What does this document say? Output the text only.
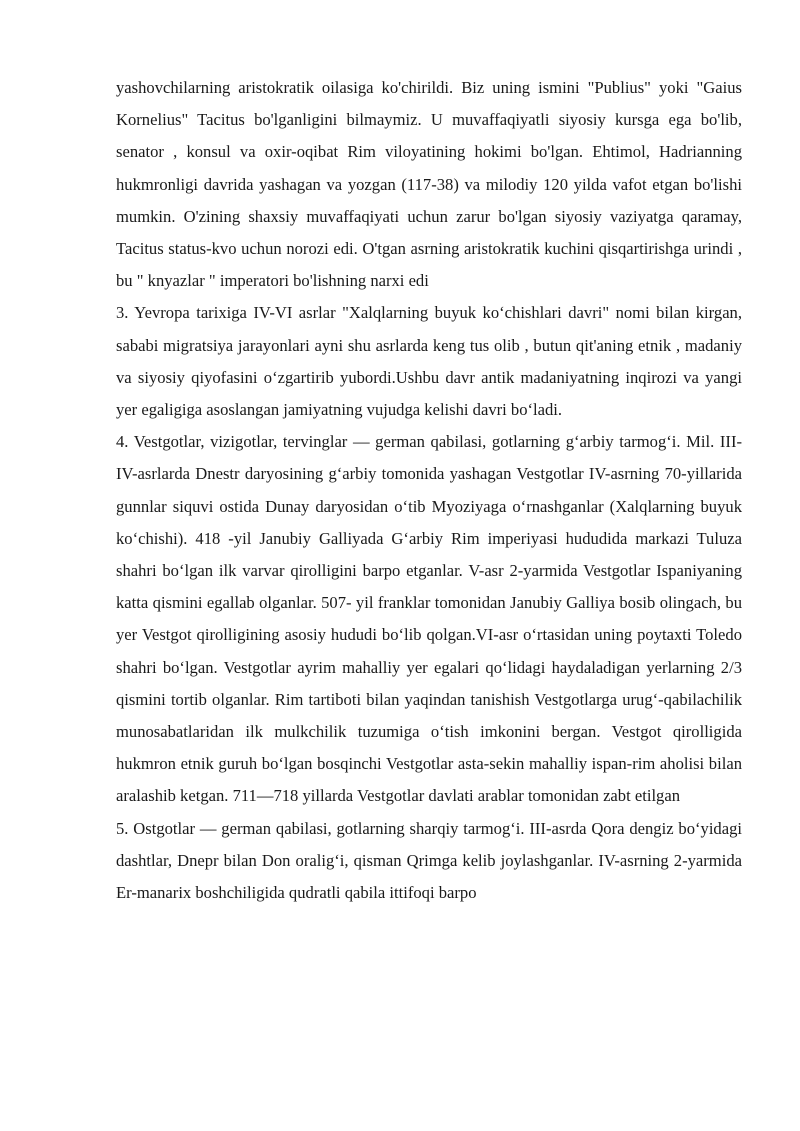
yashovchilarning aristokratik oilasiga ko'chirildi. Biz uning ismini "Publius" yoki "Gaius Kornelius" Tacitus bo'lganligini bilmaymiz. U muvaffaqiyatli siyosiy kursga ega bo'lib, senator , konsul va oxir-oqibat Rim viloyatining hokimi bo'lgan. Ehtimol, Hadrianning hukmronligi davrida yashagan va yozgan (117-38) va milodiy 120 yilda vafot etgan bo'lishi mumkin. O'zining shaxsiy muvaffaqiyati uchun zarur bo'lgan siyosiy vaziyatga qaramay, Tacitus status-kvo uchun norozi edi. O'tgan asrning aristokratik kuchini qisqartirishga urindi , bu " knyazlar " imperatori bo'lishning narxi edi

3. Yevropa tarixiga IV-VI asrlar "Xalqlarning buyuk koʻchishlari davri" nomi bilan kirgan, sababi migratsiya jarayonlari ayni shu asrlarda keng tus olib , butun qit'aning etnik , madaniy va siyosiy qiyofasini oʻzgartirib yubordi.Ushbu davr antik madaniyatning inqirozi va yangi yer egaligiga asoslangan jamiyatning vujudga kelishi davri boʻladi.

4. Vestgotlar, vizigotlar, tervinglar — german qabilasi, gotlarning gʻarbiy tarmogʻi. Mil. III-IV-asrlarda Dnestr daryosining gʻarbiy tomonida yashagan Vestgotlar IV-asrning 70-yillarida gunnlar siquvi ostida Dunay daryosidan oʻtib Myoziyaga oʻrnashganlar (Xalqlarning buyuk koʻchishi). 418 -yil Janubiy Galliyada Gʻarbiy Rim imperiyasi hududida markazi Tuluza shahri boʻlgan ilk varvar qirolligini barpo etganlar. V-asr 2-yarmida Vestgotlar Ispaniyaning katta qismini egallab olganlar. 507- yil franklar tomonidan Janubiy Galliya bosib olingach, bu yer Vestgot qirolligining asosiy hududi boʻlib qolgan.VI-asr oʻrtasidan uning poytaxti Toledo shahri boʻlgan. Vestgotlar ayrim mahalliy yer egalari qoʻlidagi haydaladigan yerlarning 2/3 qismini tortib olganlar. Rim tartiboti bilan yaqindan tanishish Vestgotlarga urugʻ-qabilachilik munosabatlaridan ilk mulkchilik tuzumiga oʻtish imkonini bergan. Vestgot qirolligida hukmron etnik guruh boʻlgan bosqinchi Vestgotlar asta-sekin mahalliy ispan-rim aholisi bilan aralashib ketgan. 711—718 yillarda Vestgotlar davlati arablar tomonidan zabt etilgan

5. Ostgotlar — german qabilasi, gotlarning sharqiy tarmogʻi. III-asrda Qora dengiz boʻyidagi dashtlar, Dnepr bilan Don oraligʻi, qisman Qrimga kelib joylashganlar. IV-asrning 2-yarmida Er-manarix boshchiligida qudratli qabila ittifoqi barpo
